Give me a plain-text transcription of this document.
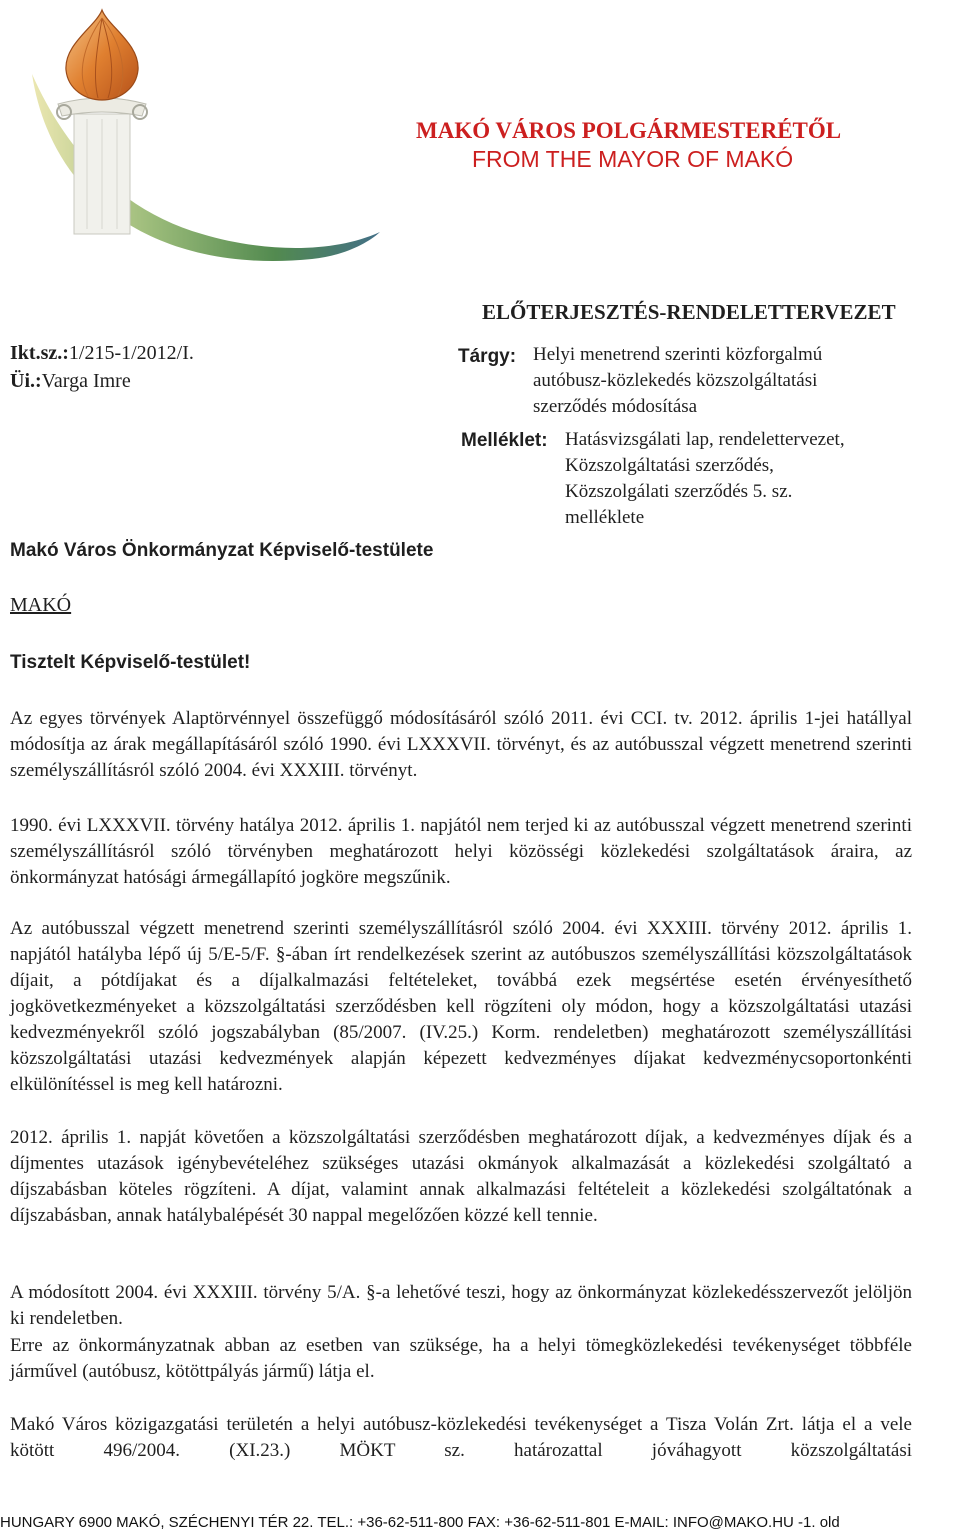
MAKÓ VÁROS POLGÁRMESTERÉTŐL
FROM THE MAYOR OF MAKÓ
ELŐTERJESZTÉS-RENDELETTERVEZET
Ikt.sz.:1/215-1/2012/I.
Üi.:Varga Imre
Tárgy: Helyi menetrend szerinti közforgalmú
autóbusz-közlekedés közszolgáltatási
szerződés módosítása
Melléklet: Hatásvizsgálati lap, rendelettervezet,
Közszolgáltatási szerződés,
Közszolgálati szerződés 5. sz.
melléklete
Makó Város Önkormányzat Képviselő-testülete
MAKÓ
Tisztelt Képviselő-testület!
Az egyes törvények Alaptörvénnyel összefüggő módosításáról szóló 2011. évi CCI. tv. 2012. április 1-jei hatállyal módosítja az árak megállapításáról szóló 1990. évi LXXXVII. törvényt, és az autóbusszal végzett menetrend szerinti személyszállításról szóló 2004. évi XXXIII. törvényt.
1990. évi LXXXVII. törvény hatálya 2012. április 1. napjától nem terjed ki az autóbusszal végzett menetrend szerinti személyszállításról szóló törvényben meghatározott helyi közösségi közlekedési szolgáltatások áraira, az önkormányzat hatósági ármegállapító jogköre megszűnik.
Az autóbusszal végzett menetrend szerinti személyszállításról szóló 2004. évi XXXIII. törvény 2012. április 1. napjától hatályba lépő új 5/E-5/F. §-ában írt rendelkezések szerint az autóbuszos személyszállítási közszolgáltatások díjait, a pótdíjakat és a díjalkalmazási feltételeket, továbbá ezek megsértése esetén érvényesíthető jogkövetkezményeket a közszolgáltatási szerződésben kell rögzíteni oly módon, hogy a közszolgáltatási utazási kedvezményekről szóló jogszabályban (85/2007. (IV.25.) Korm. rendeletben) meghatározott személyszállítási közszolgáltatási utazási kedvezmények alapján képezett kedvezményes díjakat kedvezménycsoportonkénti elkülönítéssel is meg kell határozni.
2012. április 1. napját követően a közszolgáltatási szerződésben meghatározott díjak, a kedvezményes díjak és a díjmentes utazások igénybevételéhez szükséges utazási okmányok alkalmazását a közlekedési szolgáltató a díjszabásban köteles rögzíteni. A díjat, valamint annak alkalmazási feltételeit a közlekedési szolgáltatónak a díjszabásban, annak hatálybalépését 30 nappal megelőzően közzé kell tennie.
A módosított 2004. évi XXXIII. törvény 5/A. §-a lehetővé teszi, hogy az önkormányzat közlekedésszervezőt jelöljön ki rendeletben.
Erre az önkormányzatnak abban az esetben van szüksége, ha a helyi tömegközlekedési tevékenységet többféle járművel (autóbusz, kötöttpályás jármű) látja el.
Makó Város közigazgatási területén a helyi autóbusz-közlekedési tevékenységet a Tisza Volán Zrt. látja el a vele kötött 496/2004. (XI.23.) MÖKT sz. határozattal jóváhagyott közszolgáltatási
HUNGARY 6900 MAKÓ, SZÉCHENYI TÉR 22. TEL.: +36-62-511-800 FAX: +36-62-511-801 E-MAIL: INFO@MAKO.HU -1. old
